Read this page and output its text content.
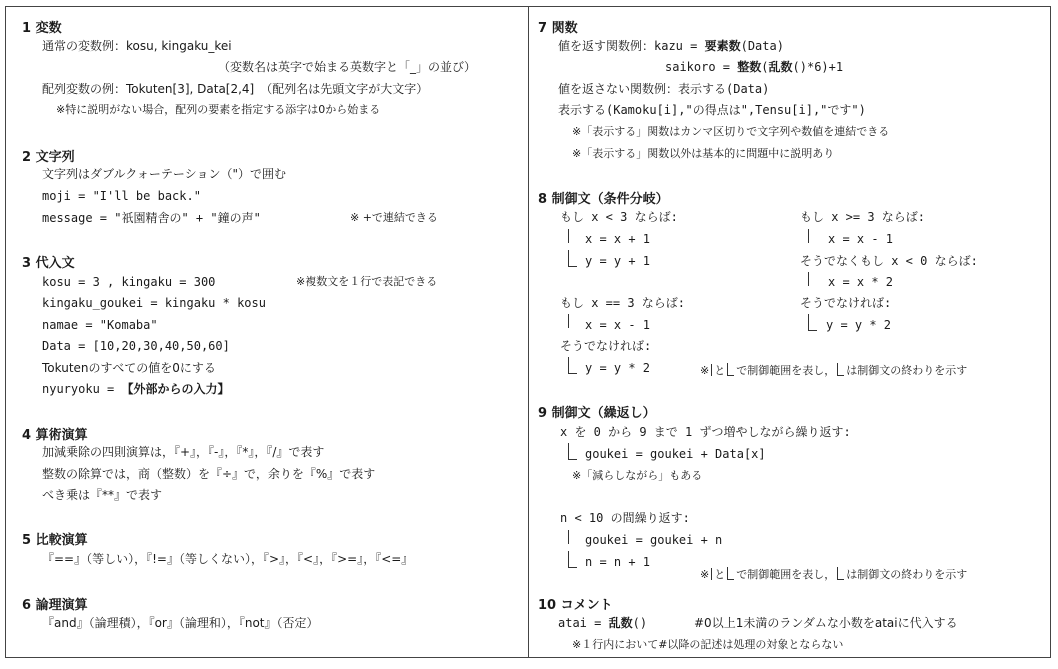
1 変数
通常の変数例：kosu, kingaku_kei
（変数名は英字で始まる英数字と「_」の並び）
配列変数の例：Tokuten[3], Data[2,4]　（配列名は先頭文字が大文字）
※特に説明がない場合，配列の要素を指定する添字は0から始まる
2 文字列
文字列はダブルクォーテーション（"）で囲む
moji = "I'll be back."
message = "祇園精舎の" + "鐘の声"	※ +で連結できる
3 代入文
kosu = 3 , kingaku = 300	※複数文を１行で表記できる
kingaku_goukei = kingaku * kosu
namae = "Komaba"
Data = [10,20,30,40,50,60]
Tokutenのすべての値を0にする
nyuryoku = 【外部からの入力】
4 算術演算
加減乗除の四則演算は，『+』，『-』，『*』，『/』で表す
整数の除算では，商（整数）を『÷』で，余りを『%』で表す
べき乗は『**』で表す
5 比較演算
『==』（等しい），『!=』（等しくない），『>』，『<』，『>=』，『<=』
6 論理演算
『and』（論理積），『or』（論理和），『not』（否定）
7 関数
値を返す関数例：kazu = 要素数(Data)
saikoro = 整数(乱数()*6)+1
値を返さない関数例：表示する(Data)
表示する(Kamoku[i],"の得点は",Tensu[i],"です")
※「表示する」関数はカンマ区切りで文字列や数値を連結できる
※「表示する」関数以外は基本的に問題中に説明あり
8 制御文（条件分岐）
もし x < 3 ならば:
x = x + 1
y = y + 1
もし x == 3 ならば:
x = x - 1
そうでなければ:
y = y * 2
もし x >= 3 ならば:
x = x - 1
そうでなくもし x < 0 ならば:
x = x * 2
そうでなければ:
y = y * 2
※ と で制御範囲を表し， は制御文の終わりを示す
9 制御文（繰返し）
x を 0 から 9 まで 1 ずつ増やしながら繰り返す:
goukei = goukei + Data[x]
※「減らしながら」もある
n < 10 の間繰り返す:
goukei = goukei + n
n = n + 1
※ と で制御範囲を表し， は制御文の終わりを示す
10 コメント
atai = 乱数()	#0以上1未満のランダムな小数をataiに代入する
※１行内において#以降の記述は処理の対象とならない
